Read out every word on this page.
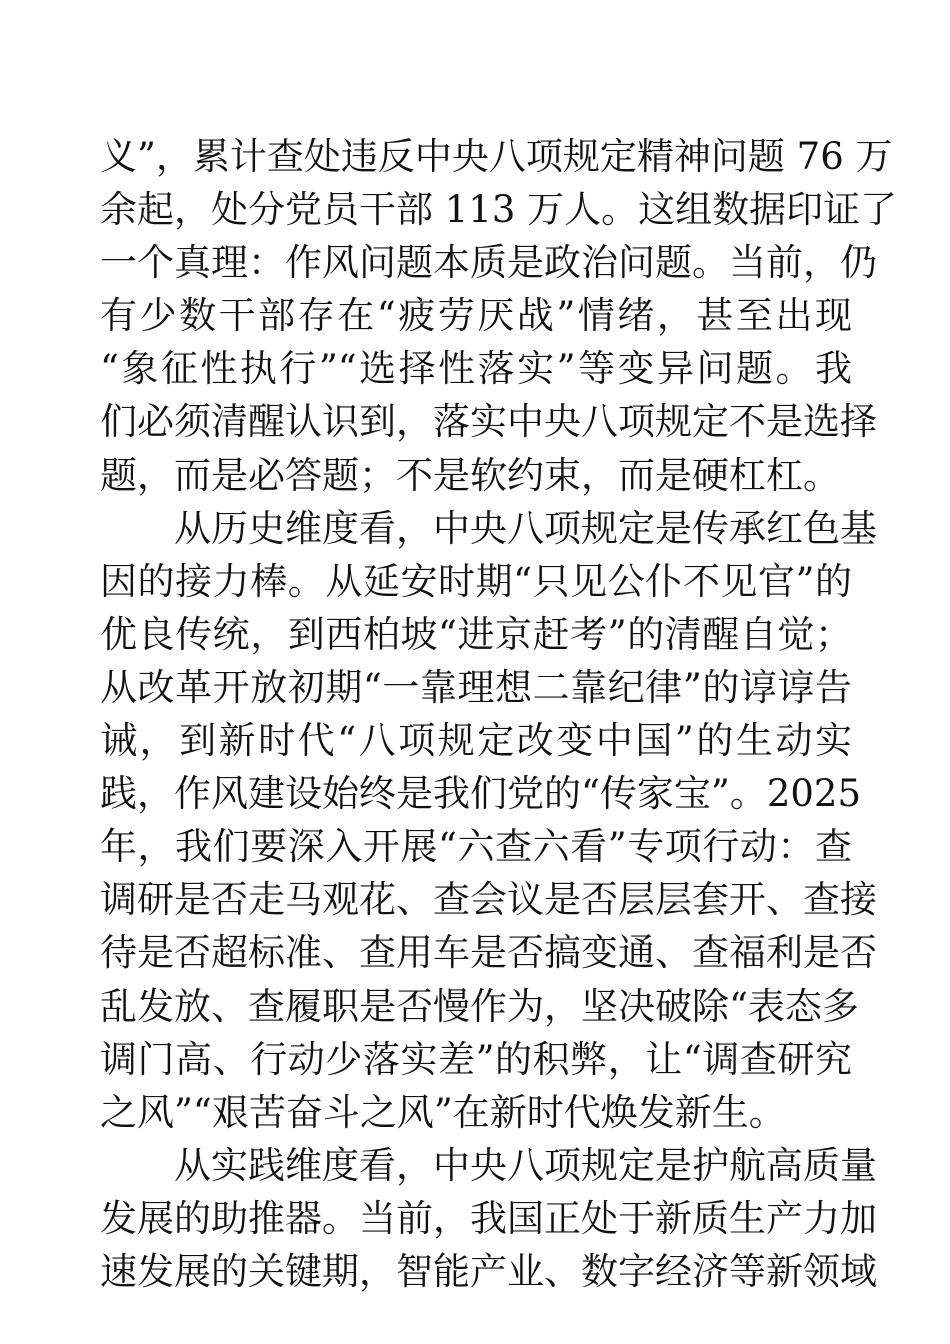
义”，累计查处违反中央八项规定精神问题 76 万
余起，处分党员干部 113 万人。这组数据印证了
一个真理：作风问题本质是政治问题。当前，仍
有少数干部存在“疲劳厌战”情绪，甚至出现
“象征性执行”“选择性落实”等变异问题。我
们必须清醒认识到，落实中央八项规定不是选择
题，而是必答题；不是软约束，而是硬杠杠。
　　从历史维度看，中央八项规定是传承红色基
因的接力棒。从延安时期“只见公仆不见官”的
优良传统，到西柏坡“进京赶考”的清醒自觉；
从改革开放初期“一靠理想二靠纪律”的谆谆告
诫，到新时代“八项规定改变中国”的生动实
践，作风建设始终是我们党的“传家宝”。2025
年，我们要深入开展“六查六看”专项行动：查
调研是否走马观花、查会议是否层层套开、查接
待是否超标准、查用车是否搞变通、查福利是否
乱发放、查履职是否慢作为，坚决破除“表态多
调门高、行动少落实差”的积弊，让“调查研究
之风”“艰苦奋斗之风”在新时代焕发新生。
　　从实践维度看，中央八项规定是护航高质量
发展的助推器。当前，我国正处于新质生产力加
速发展的关键期，智能产业、数字经济等新领域
